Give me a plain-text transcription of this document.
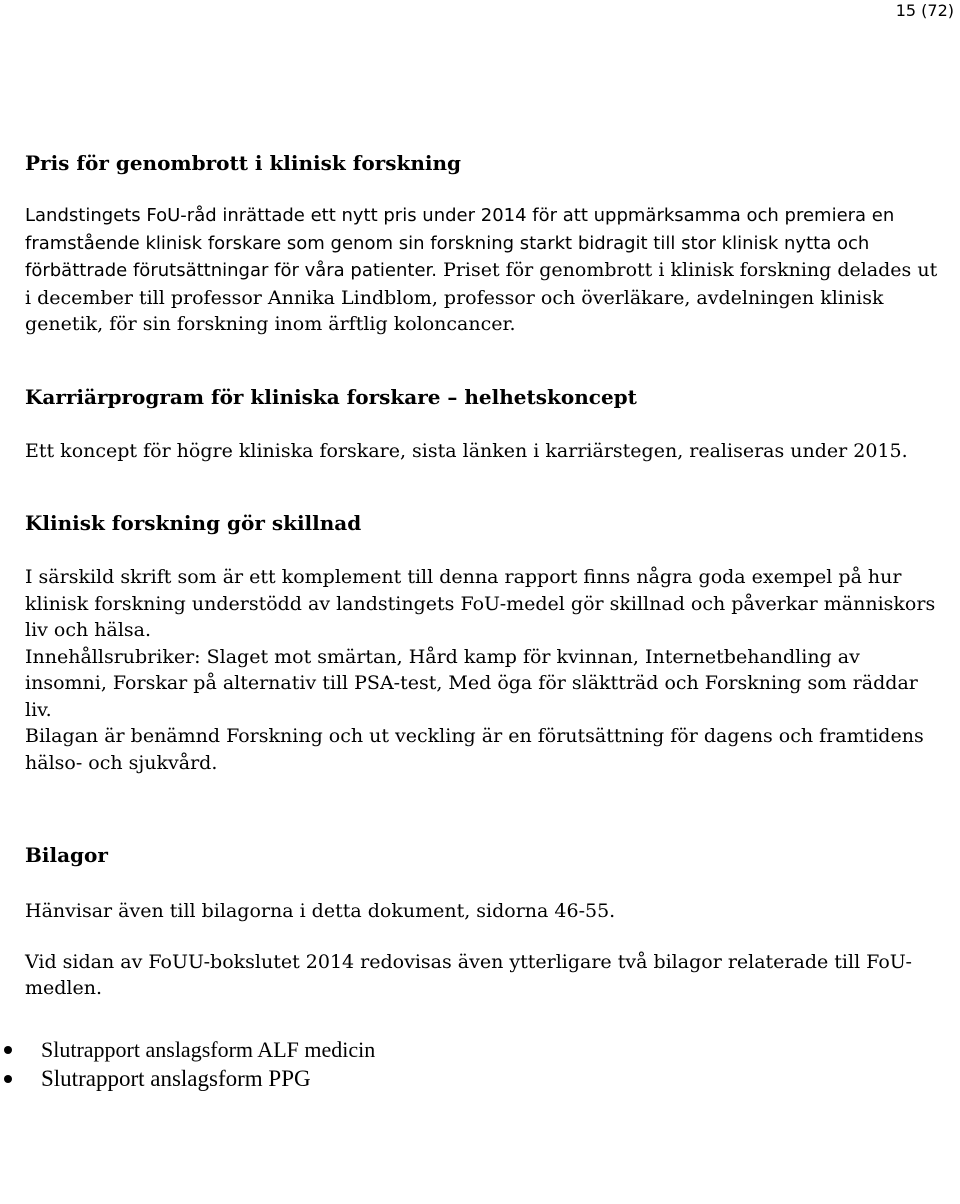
15 (72)
Pris för genombrott i klinisk forskning

Landstingets FoU-råd inrättade ett nytt pris under 2014 för att uppmärksamma och premiera en framstående klinisk forskare som genom sin forskning starkt bidragit till stor klinisk nytta och förbättrade förutsättningar för våra patienter. Priset för genombrott i klinisk forskning delades ut i december till professor Annika Lindblom, professor och överläkare, avdelningen klinisk genetik, för sin forskning inom ärftlig koloncancer.

Karriärprogram för kliniska forskare – helhetskoncept

Ett koncept för högre kliniska forskare, sista länken i karriärstegen, realiseras under 2015.

Klinisk forskning gör skillnad

I särskild skrift som är ett komplement till denna rapport finns några goda exempel på hur klinisk forskning understödd av landstingets FoU-medel gör skillnad och påverkar människors liv och hälsa.

Innehållsrubriker: Slaget mot smärtan, Hård kamp för kvinnan, Internetbehandling av insomni, Forskar på alternativ till PSA-test, Med öga för släktträd och Forskning som räddar liv.

Bilagan är benämnd Forskning och ut veckling är en förutsättning för dagens och framtidens hälso- och sjukvård.

Bilagor

Hänvisar även till bilagorna i detta dokument, sidorna 46-55.

Vid sidan av FoUU-bokslutet 2014 redovisas även ytterligare två bilagor relaterade till FoU-medlen.

Slutrapport anslagsform ALF medicin
Slutrapport anslagsform PPG
